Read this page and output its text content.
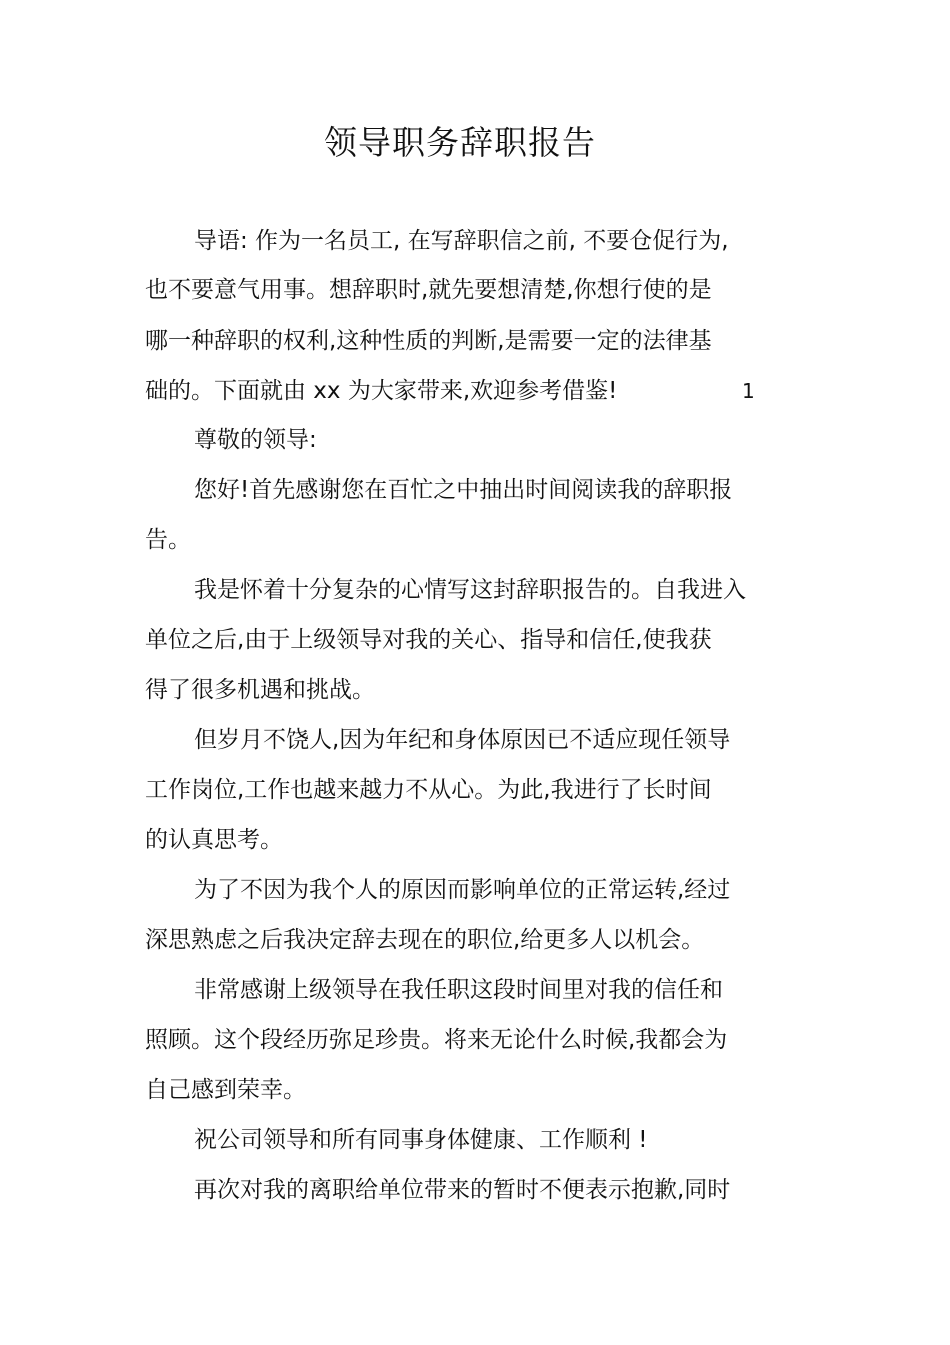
领导职务辞职报告
导语: 作为一名员工, 在写辞职信之前, 不要仓促行为,
也不要意气用事。想辞职时,就先要想清楚,你想行使的是
哪一种辞职的权利,这种性质的判断,是需要一定的法律基
础的。下面就由 xx 为大家带来,欢迎参考借鉴!	1
尊敬的领导:
您好!首先感谢您在百忙之中抽出时间阅读我的辞职报
告。
我是怀着十分复杂的心情写这封辞职报告的。自我进入
单位之后,由于上级领导对我的关心、指导和信任,使我获
得了很多机遇和挑战。
但岁月不饶人,因为年纪和身体原因已不适应现任领导
工作岗位,工作也越来越力不从心。为此,我进行了长时间
的认真思考。
为了不因为我个人的原因而影响单位的正常运转,经过
深思熟虑之后我决定辞去现在的职位,给更多人以机会。
非常感谢上级领导在我任职这段时间里对我的信任和
照顾。这个段经历弥足珍贵。将来无论什么时候,我都会为
自己感到荣幸。
祝公司领导和所有同事身体健康、工作顺利 !
再次对我的离职给单位带来的暂时不便表示抱歉,同时
